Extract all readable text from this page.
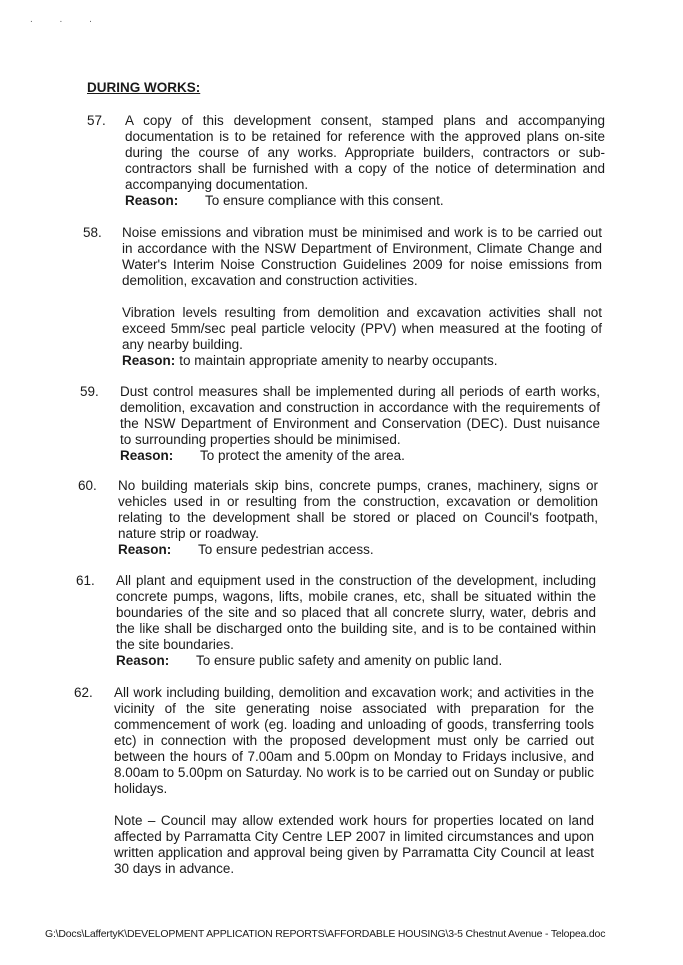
. . .
DURING WORKS:
57. A copy of this development consent, stamped plans and accompanying documentation is to be retained for reference with the approved plans on-site during the course of any works. Appropriate builders, contractors or sub-contractors shall be furnished with a copy of the notice of determination and accompanying documentation.

Reason: To ensure compliance with this consent.
58. Noise emissions and vibration must be minimised and work is to be carried out in accordance with the NSW Department of Environment, Climate Change and Water's Interim Noise Construction Guidelines 2009 for noise emissions from demolition, excavation and construction activities.

Vibration levels resulting from demolition and excavation activities shall not exceed 5mm/sec peal particle velocity (PPV) when measured at the footing of any nearby building.

Reason: to maintain appropriate amenity to nearby occupants.
59. Dust control measures shall be implemented during all periods of earth works, demolition, excavation and construction in accordance with the requirements of the NSW Department of Environment and Conservation (DEC). Dust nuisance to surrounding properties should be minimised.

Reason: To protect the amenity of the area.
60. No building materials skip bins, concrete pumps, cranes, machinery, signs or vehicles used in or resulting from the construction, excavation or demolition relating to the development shall be stored or placed on Council's footpath, nature strip or roadway.

Reason: To ensure pedestrian access.
61. All plant and equipment used in the construction of the development, including concrete pumps, wagons, lifts, mobile cranes, etc, shall be situated within the boundaries of the site and so placed that all concrete slurry, water, debris and the like shall be discharged onto the building site, and is to be contained within the site boundaries.

Reason: To ensure public safety and amenity on public land.
62. All work including building, demolition and excavation work; and activities in the vicinity of the site generating noise associated with preparation for the commencement of work (eg. loading and unloading of goods, transferring tools etc) in connection with the proposed development must only be carried out between the hours of 7.00am and 5.00pm on Monday to Fridays inclusive, and 8.00am to 5.00pm on Saturday. No work is to be carried out on Sunday or public holidays.

Note – Council may allow extended work hours for properties located on land affected by Parramatta City Centre LEP 2007 in limited circumstances and upon written application and approval being given by Parramatta City Council at least 30 days in advance.

G:\Docs\LaffertyK\DEVELOPMENT APPLICATION REPORTS\AFFORDABLE HOUSING\3-5 Chestnut Avenue - Telopea.doc
